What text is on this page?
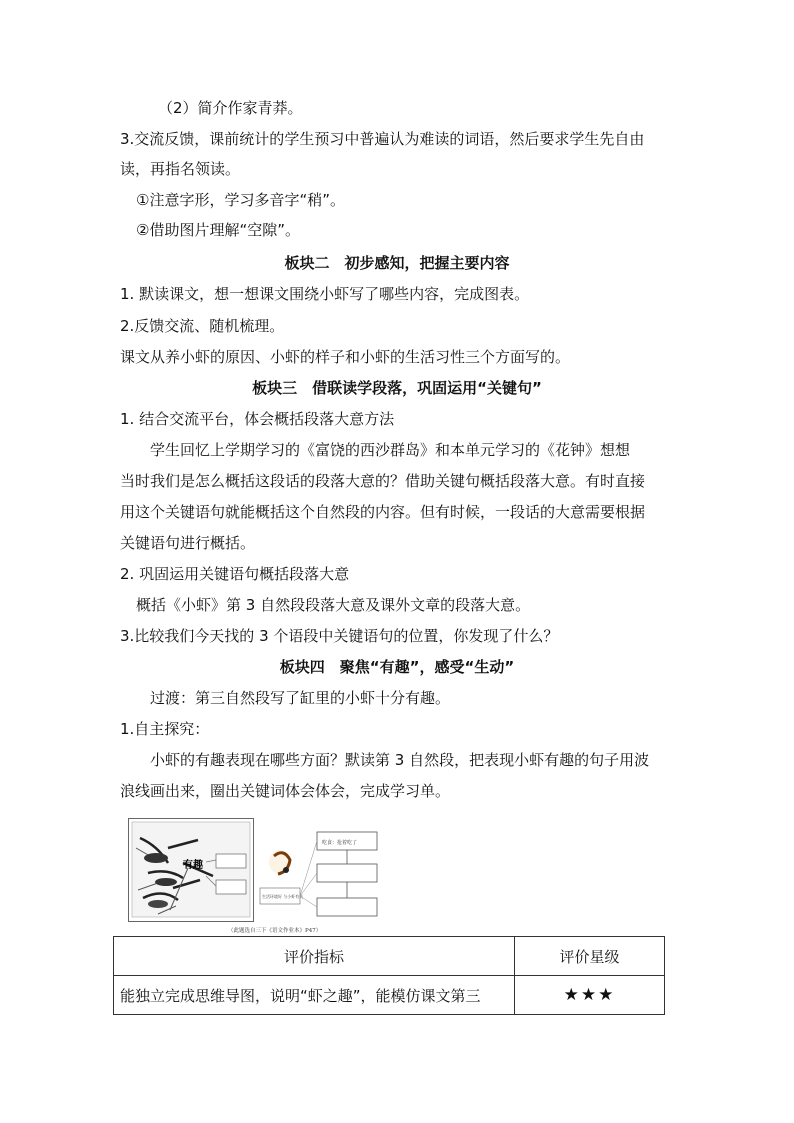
（2）简介作家青莽。
3.交流反馈，课前统计的学生预习中普遍认为难读的词语，然后要求学生先自由
读，再指名领读。
①注意字形，学习多音字“稍”。
②借助图片理解“空隙”。
板块二　初步感知，把握主要内容
1. 默读课文，想一想课文围绕小虾写了哪些内容，完成图表。
2.反馈交流、随机梳理。
课文从养小虾的原因、小虾的样子和小虾的生活习性三个方面写的。
板块三　借联读学段落，巩固运用“关键句”
1. 结合交流平台，体会概括段落大意方法
学生回忆上学期学习的《富饶的西沙群岛》和本单元学习的《花钟》想想
当时我们是怎么概括这段话的段落大意的？借助关键句概括段落大意。有时直接
用这个关键语句就能概括这个自然段的内容。但有时候，一段话的大意需要根据
关键语句进行概括。
2. 巩固运用关键语句概括段落大意
概括《小虾》第 3 自然段段落大意及课外文章的段落大意。
3.比较我们今天找的 3 个语段中关键语句的位置，你发现了什么？
板块四　聚焦“有趣”，感受“生动”
过渡：第三自然段写了缸里的小虾十分有趣。
1.自主探究：
小虾的有趣表现在哪些方面？默读第 3 自然段，把表现小虾有趣的句子用波
浪线画出来，圈出关键词体会体会，完成学习单。
有趣
生活环境好 与小虾有关
吃食：抢着吃了
（此题选自三下《语文作业本》P47）
评价指标	评价星级
能独立完成思维导图，说明“虾之趣”，能模仿课文第三	★★★
